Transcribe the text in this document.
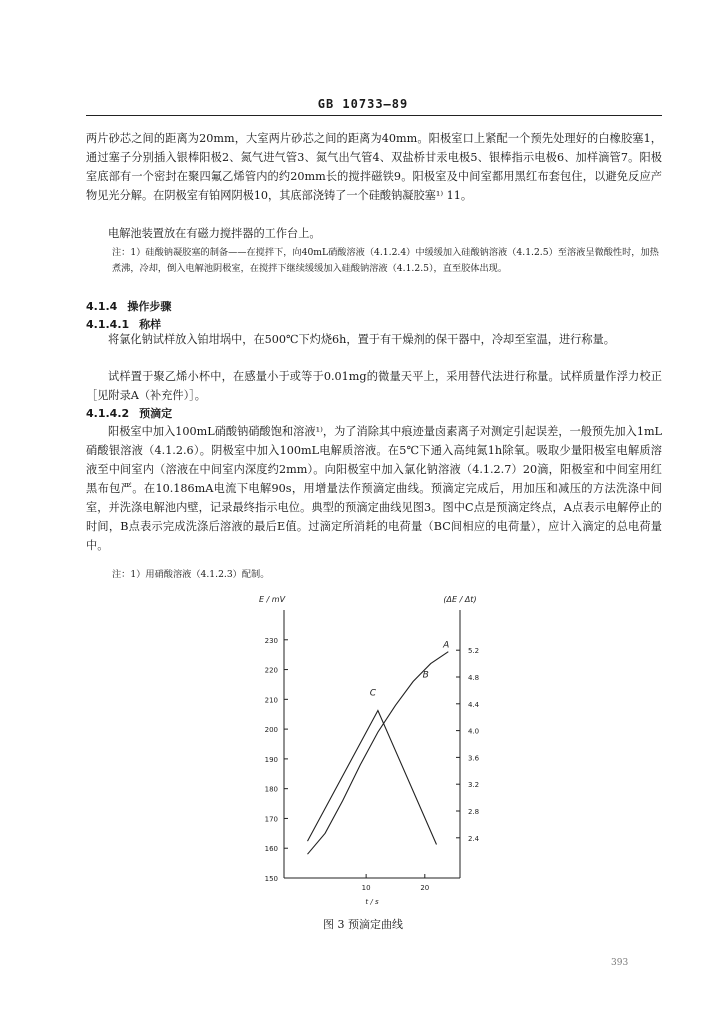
GB 10733—89

两片砂芯之间的距离为20mm，大室两片砂芯之间的距离为40mm。阳极室口上紧配一个预先处理好的白橡胶塞1，通过塞子分别插入银棒阳极2、氮气进气管3、氮气出气管4、双盐桥甘汞电极5、银棒指示电极6、加样滴管7。阳极室底部有一个密封在聚四氟乙烯管内的约20mm长的搅拌磁铁9。阳极室及中间室都用黑红布套包住，以避免反应产物见光分解。在阴极室有铂网阴极10，其底部浇铸了一个硅酸钠凝胶塞¹⁾ 11。

电解池装置放在有磁力搅拌器的工作台上。

注：1）硅酸钠凝胶塞的制备——在搅拌下，向40mL硝酸溶液（4.1.2.4）中缓缓加入硅酸钠溶液（4.1.2.5）至溶液呈微酸性时，加热煮沸，冷却，倒入电解池阴极室，在搅拌下继续缓缓加入硅酸钠溶液（4.1.2.5），直至胶体出现。

4.1.4 操作步骤
4.1.4.1 称样

将氯化钠试样放入铂坩埚中，在500℃下灼烧6h，置于有干燥剂的保干器中，冷却至室温，进行称量。

试样置于聚乙烯小杯中，在感量小于或等于0.01mg的微量天平上，采用替代法进行称量。试样质量作浮力校正［见附录A（补充件）］。

4.1.4.2 预滴定

阳极室中加入100mL硝酸钠硝酸饱和溶液¹⁾，为了消除其中痕迹量卤素离子对测定引起误差，一般预先加入1mL硝酸银溶液（4.1.2.6）。阴极室中加入100mL电解质溶液。在5℃下通入高纯氮1h除氧。吸取少量阳极室电解质溶液至中间室内（溶液在中间室内深度约2mm）。向阳极室中加入氯化钠溶液（4.1.2.7）20滴，阳极室和中间室用红黑布包严。在10.186mA电流下电解90s，用增量法作预滴定曲线。预滴定完成后，用加压和减压的方法洗涤中间室，并洗涤电解池内壁，记录最终指示电位。典型的预滴定曲线见图3。图中C点是预滴定终点，A点表示电解停止的时间，B点表示完成洗涤后溶液的最后E值。过滴定所消耗的电荷量（BC间相应的电荷量），应计入滴定的总电荷量中。

注：1）用硝酸溶液（4.1.2.3）配制。

150
160
170
180
190
200
210
220
230
2.4
2.8
3.2
3.6
4.0
4.4
4.8
5.2
10	20
E / mV	(ΔE / Δt)
t / s
C
B
A
图 3 预滴定曲线
393
